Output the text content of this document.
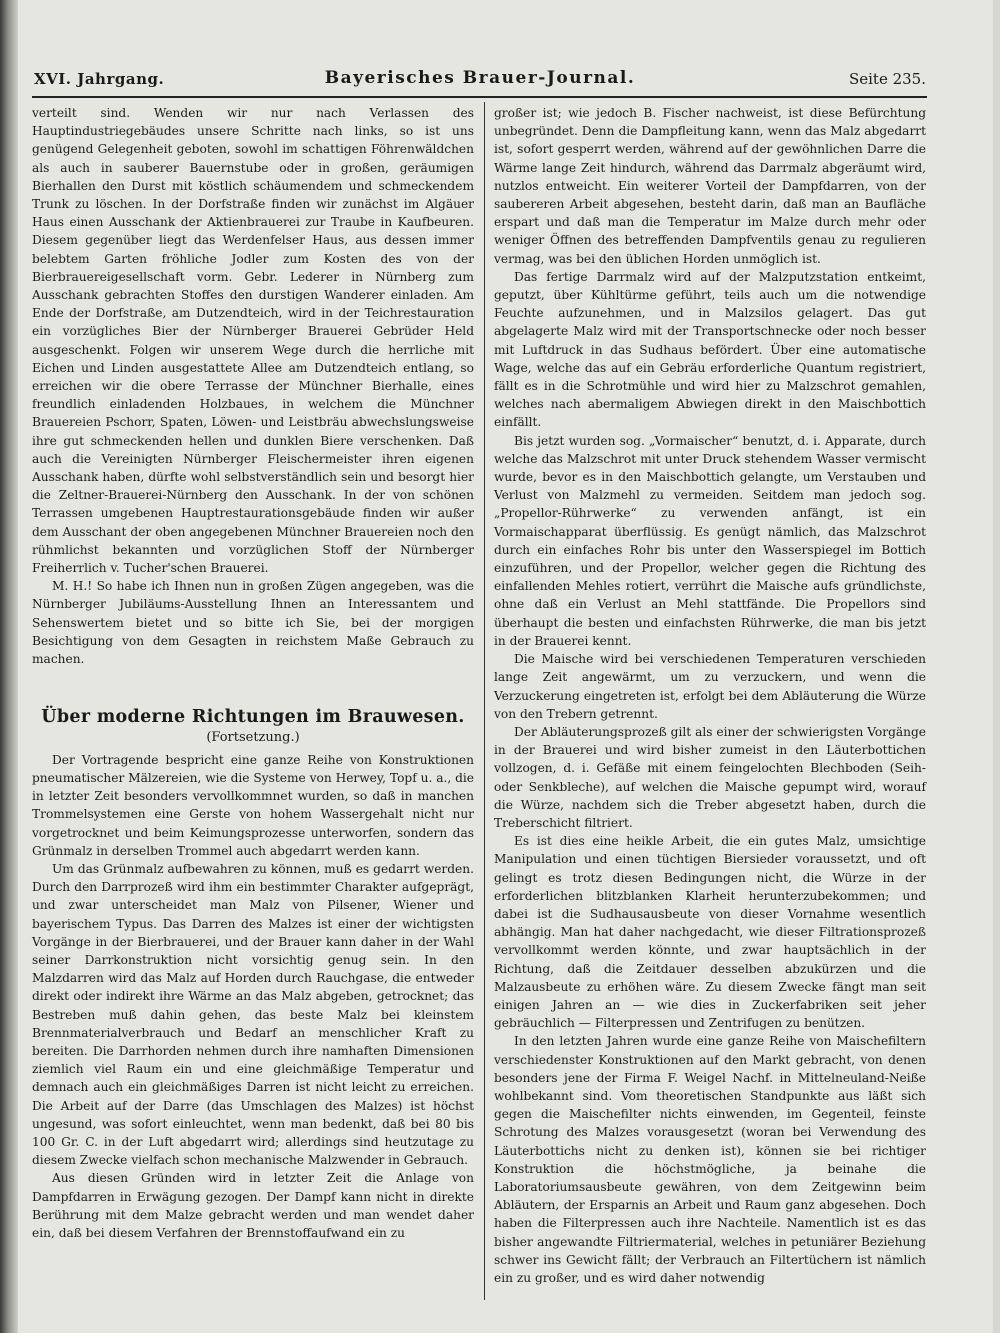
XVI. Jahrgang.	Bayerisches Brauer-Journal.	Seite 235.

verteilt sind. Wenden wir nur nach Verlassen des Hauptindustriegebäudes unsere Schritte nach links, so ist uns genügend Gelegenheit geboten, sowohl im schattigen Föhrenwäldchen als auch in sauberer Bauernstube oder in großen, geräumigen Bierhallen den Durst mit köstlich schäumendem und schmeckendem Trunk zu löschen. In der Dorfstraße finden wir zunächst im Algäuer Haus einen Ausschank der Aktienbrauerei zur Traube in Kaufbeuren. Diesem gegenüber liegt das Werdenfelser Haus, aus dessen immer belebtem Garten fröhliche Jodler zum Kosten des von der Bierbrauereigesellschaft vorm. Gebr. Lederer in Nürnberg zum Ausschank gebrachten Stoffes den durstigen Wanderer einladen. Am Ende der Dorfstraße, am Dutzendteich, wird in der Teichrestauration ein vorzügliches Bier der Nürnberger Brauerei Gebrüder Held ausgeschenkt. Folgen wir unserem Wege durch die herrliche mit Eichen und Linden ausgestattete Allee am Dutzendteich entlang, so erreichen wir die obere Terrasse der Münchner Bierhalle, eines freundlich einladenden Holzbaues, in welchem die Münchner Brauereien Pschorr, Spaten, Löwen- und Leistbräu abwechslungsweise ihre gut schmeckenden hellen und dunklen Biere verschenken. Daß auch die Vereinigten Nürnberger Fleischermeister ihren eigenen Ausschank haben, dürfte wohl selbstverständlich sein und besorgt hier die Zeltner-Brauerei-Nürnberg den Ausschank. In der von schönen Terrassen umgebenen Hauptrestaurationsgebäude finden wir außer dem Ausschant der oben angegebenen Münchner Brauereien noch den rühmlichst bekannten und vorzüglichen Stoff der Nürnberger Freiherrlich v. Tucher'schen Brauerei.

M. H.! So habe ich Ihnen nun in großen Zügen angegeben, was die Nürnberger Jubiläums-Ausstellung Ihnen an Interessantem und Sehenswertem bietet und so bitte ich Sie, bei der morgigen Besichtigung von dem Gesagten in reichstem Maße Gebrauch zu machen.

Über moderne Richtungen im Brauwesen.
(Fortsetzung.)

Der Vortragende bespricht eine ganze Reihe von Konstruktionen pneumatischer Mälzereien, wie die Systeme von Herwey, Topf u. a., die in letzter Zeit besonders vervollkommnet wurden, so daß in manchen Trommelsystemen eine Gerste von hohem Wassergehalt nicht nur vorgetrocknet und beim Keimungsprozesse unterworfen, sondern das Grünmalz in derselben Trommel auch abgedarrt werden kann.

Um das Grünmalz aufbewahren zu können, muß es gedarrt werden. Durch den Darrprozeß wird ihm ein bestimmter Charakter aufgeprägt, und zwar unterscheidet man Malz von Pilsener, Wiener und bayerischem Typus. Das Darren des Malzes ist einer der wichtigsten Vorgänge in der Bierbrauerei, und der Brauer kann daher in der Wahl seiner Darrkonstruktion nicht vorsichtig genug sein. In den Malzdarren wird das Malz auf Horden durch Rauchgase, die entweder direkt oder indirekt ihre Wärme an das Malz abgeben, getrocknet; das Bestreben muß dahin gehen, das beste Malz bei kleinstem Brennmaterialverbrauch und Bedarf an menschlicher Kraft zu bereiten. Die Darrhorden nehmen durch ihre namhaften Dimensionen ziemlich viel Raum ein und eine gleichmäßige Temperatur und demnach auch ein gleichmäßiges Darren ist nicht leicht zu erreichen. Die Arbeit auf der Darre (das Umschlagen des Malzes) ist höchst ungesund, was sofort einleuchtet, wenn man bedenkt, daß bei 80 bis 100 Gr. C. in der Luft abgedarrt wird; allerdings sind heutzutage zu diesem Zwecke vielfach schon mechanische Malzwender in Gebrauch.

Aus diesen Gründen wird in letzter Zeit die Anlage von Dampfdarren in Erwägung gezogen. Der Dampf kann nicht in direkte Berührung mit dem Malze gebracht werden und man wendet daher ein, daß bei diesem Verfahren der Brennstoffaufwand ein zu

großer ist; wie jedoch B. Fischer nachweist, ist diese Befürchtung unbegründet. Denn die Dampfleitung kann, wenn das Malz abgedarrt ist, sofort gesperrt werden, während auf der gewöhnlichen Darre die Wärme lange Zeit hindurch, während das Darrmalz abgeräumt wird, nutzlos entweicht. Ein weiterer Vorteil der Dampfdarren, von der saubereren Arbeit abgesehen, besteht darin, daß man an Baufläche erspart und daß man die Temperatur im Malze durch mehr oder weniger Öffnen des betreffenden Dampfventils genau zu regulieren vermag, was bei den üblichen Horden unmöglich ist.

Das fertige Darrmalz wird auf der Malzputzstation entkeimt, geputzt, über Kühltürme geführt, teils auch um die notwendige Feuchte aufzunehmen, und in Malzsilos gelagert. Das gut abgelagerte Malz wird mit der Transportschnecke oder noch besser mit Luftdruck in das Sudhaus befördert. Über eine automatische Wage, welche das auf ein Gebräu erforderliche Quantum registriert, fällt es in die Schrotmühle und wird hier zu Malzschrot gemahlen, welches nach abermaligem Abwiegen direkt in den Maischbottich einfällt.

Bis jetzt wurden sog. „Vormaischer“ benutzt, d. i. Apparate, durch welche das Malzschrot mit unter Druck stehendem Wasser vermischt wurde, bevor es in den Maischbottich gelangte, um Verstauben und Verlust von Malzmehl zu vermeiden. Seitdem man jedoch sog. „Propellor-Rührwerke“ zu verwenden anfängt, ist ein Vormaischapparat überflüssig. Es genügt nämlich, das Malzschrot durch ein einfaches Rohr bis unter den Wasserspiegel im Bottich einzuführen, und der Propellor, welcher gegen die Richtung des einfallenden Mehles rotiert, verrührt die Maische aufs gründlichste, ohne daß ein Verlust an Mehl stattfände. Die Propellors sind überhaupt die besten und einfachsten Rührwerke, die man bis jetzt in der Brauerei kennt.

Die Maische wird bei verschiedenen Temperaturen verschieden lange Zeit angewärmt, um zu verzuckern, und wenn die Verzuckerung eingetreten ist, erfolgt bei dem Abläuterung die Würze von den Trebern getrennt.

Der Abläuterungsprozeß gilt als einer der schwierigsten Vorgänge in der Brauerei und wird bisher zumeist in den Läuterbottichen vollzogen, d. i. Gefäße mit einem feingelochten Blechboden (Seih- oder Senkbleche), auf welchen die Maische gepumpt wird, worauf die Würze, nachdem sich die Treber abgesetzt haben, durch die Treberschicht filtriert.

Es ist dies eine heikle Arbeit, die ein gutes Malz, umsichtige Manipulation und einen tüchtigen Biersieder voraussetzt, und oft gelingt es trotz diesen Bedingungen nicht, die Würze in der erforderlichen blitzblanken Klarheit herunterzubekommen; und dabei ist die Sudhausausbeute von dieser Vornahme wesentlich abhängig. Man hat daher nachgedacht, wie dieser Filtrationsprozeß vervollkommt werden könnte, und zwar hauptsächlich in der Richtung, daß die Zeitdauer desselben abzukürzen und die Malzausbeute zu erhöhen wäre. Zu diesem Zwecke fängt man seit einigen Jahren an — wie dies in Zuckerfabriken seit jeher gebräuchlich — Filterpressen und Zentrifugen zu benützen.

In den letzten Jahren wurde eine ganze Reihe von Maischefiltern verschiedenster Konstruktionen auf den Markt gebracht, von denen besonders jene der Firma F. Weigel Nachf. in Mittelneuland-Neiße wohlbekannt sind. Vom theoretischen Standpunkte aus läßt sich gegen die Maischefilter nichts einwenden, im Gegenteil, feinste Schrotung des Malzes vorausgesetzt (woran bei Verwendung des Läuterbottichs nicht zu denken ist), können sie bei richtiger Konstruktion die höchstmögliche, ja beinahe die Laboratoriumsausbeute gewähren, von dem Zeitgewinn beim Abläutern, der Ersparnis an Arbeit und Raum ganz abgesehen. Doch haben die Filterpressen auch ihre Nachteile. Namentlich ist es das bisher angewandte Filtriermaterial, welches in petuniärer Beziehung schwer ins Gewicht fällt; der Verbrauch an Filtertüchern ist nämlich ein zu großer, und es wird daher notwendig
